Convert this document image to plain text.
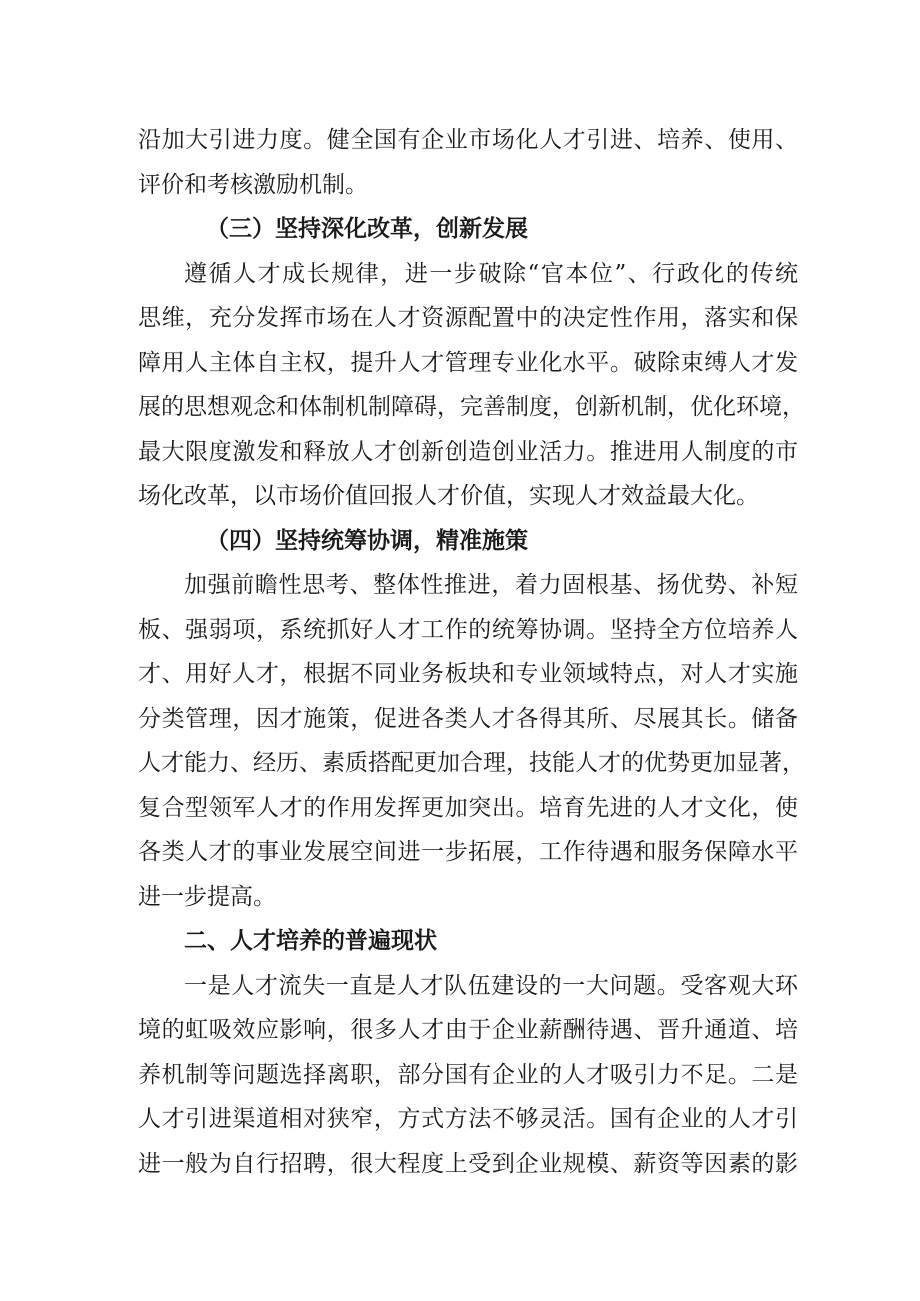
沿加大引进力度。健全国有企业市场化人才引进、培养、使用、
评价和考核激励机制。
（三）坚持深化改革，创新发展
遵循人才成长规律，进一步破除“官本位”、行政化的传统
思维，充分发挥市场在人才资源配置中的决定性作用，落实和保
障用人主体自主权，提升人才管理专业化水平。破除束缚人才发
展的思想观念和体制机制障碍，完善制度，创新机制，优化环境，
最大限度激发和释放人才创新创造创业活力。推进用人制度的市
场化改革，以市场价值回报人才价值，实现人才效益最大化。
（四）坚持统筹协调，精准施策
加强前瞻性思考、整体性推进，着力固根基、扬优势、补短
板、强弱项，系统抓好人才工作的统筹协调。坚持全方位培养人
才、用好人才，根据不同业务板块和专业领域特点，对人才实施
分类管理，因才施策，促进各类人才各得其所、尽展其长。储备
人才能力、经历、素质搭配更加合理，技能人才的优势更加显著，
复合型领军人才的作用发挥更加突出。培育先进的人才文化，使
各类人才的事业发展空间进一步拓展，工作待遇和服务保障水平
进一步提高。
二、人才培养的普遍现状
一是人才流失一直是人才队伍建设的一大问题。受客观大环
境的虹吸效应影响，很多人才由于企业薪酬待遇、晋升通道、培
养机制等问题选择离职，部分国有企业的人才吸引力不足。二是
人才引进渠道相对狭窄，方式方法不够灵活。国有企业的人才引
进一般为自行招聘，很大程度上受到企业规模、薪资等因素的影
